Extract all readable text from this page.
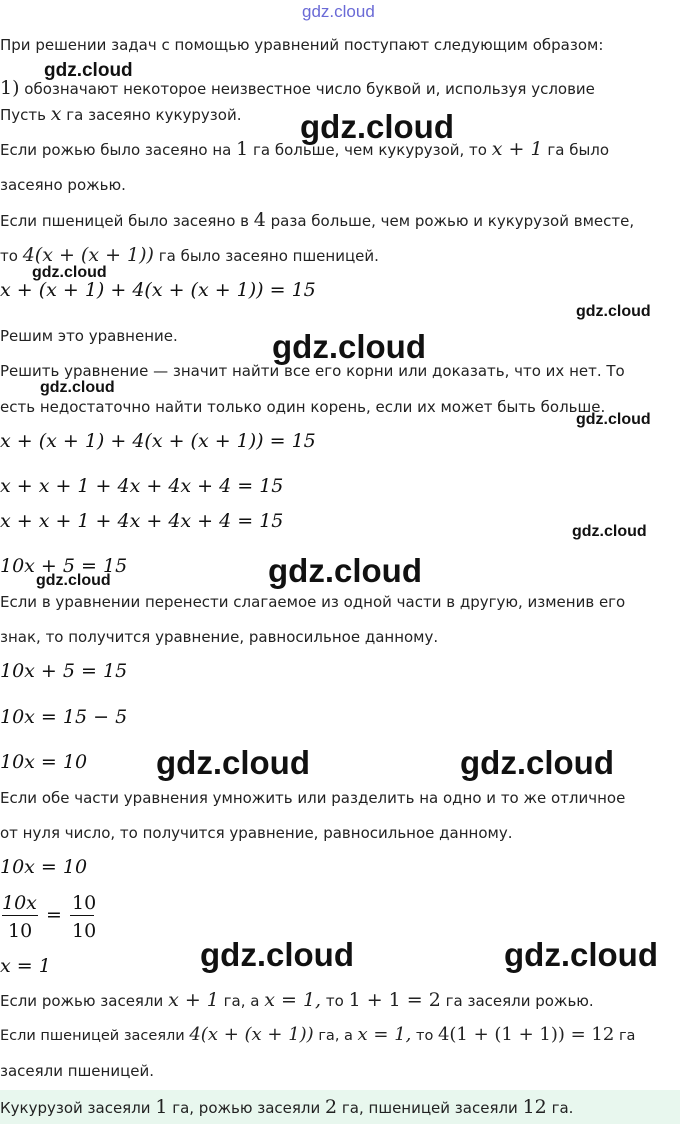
gdz.cloud
При решении задач с помощью уравнений поступают следующим образом:
1) обозначают некоторое неизвестное число буквой и, используя условие
Пусть x га засеяно кукурузой.
Если рожью было засеяно на 1 га больше, чем кукурузой, то x + 1 га было
засеяно рожью.
Если пшеницей было засеяно в 4 раза больше, чем рожью и кукурузой вместе,
то 4(x + (x + 1)) га было засеяно пшеницей.
x + (x + 1) + 4(x + (x + 1)) = 15
Решим это уравнение.
Решить уравнение — значит найти все его корни или доказать, что их нет. То
есть недостаточно найти только один корень, если их может быть больше.
x + (x + 1) + 4(x + (x + 1)) = 15
x + x + 1 + 4x + 4x + 4 = 15
x + x + 1 + 4x + 4x + 4 = 15
10x + 5 = 15
Если в уравнении перенести слагаемое из одной части в другую, изменив его
знак, то получится уравнение, равносильное данному.
10x + 5 = 15
10x = 15 − 5
10x = 10
Если обе части уравнения умножить или разделить на одно и то же отличное
от нуля число, то получится уравнение, равносильное данному.
10x = 10
10x
10
=
10
10
x = 1
Если рожью засеяли x + 1 га, а x = 1, то 1 + 1 = 2 га засеяли рожью.
Если пшеницей засеяли 4(x + (x + 1)) га, а x = 1, то 4(1 + (1 + 1)) = 12 га
засеяли пшеницей.
Кукурузой засеяли 1 га, рожью засеяли 2 га, пшеницей засеяли 12 га.
gdz.cloud
gdz.cloud
gdz.cloud
gdz.cloud
gdz.cloud
gdz.cloud
gdz.cloud
gdz.cloud
gdz.cloud
gdz.cloud
gdz.cloud	gdz.cloud
gdz.cloud	gdz.cloud
